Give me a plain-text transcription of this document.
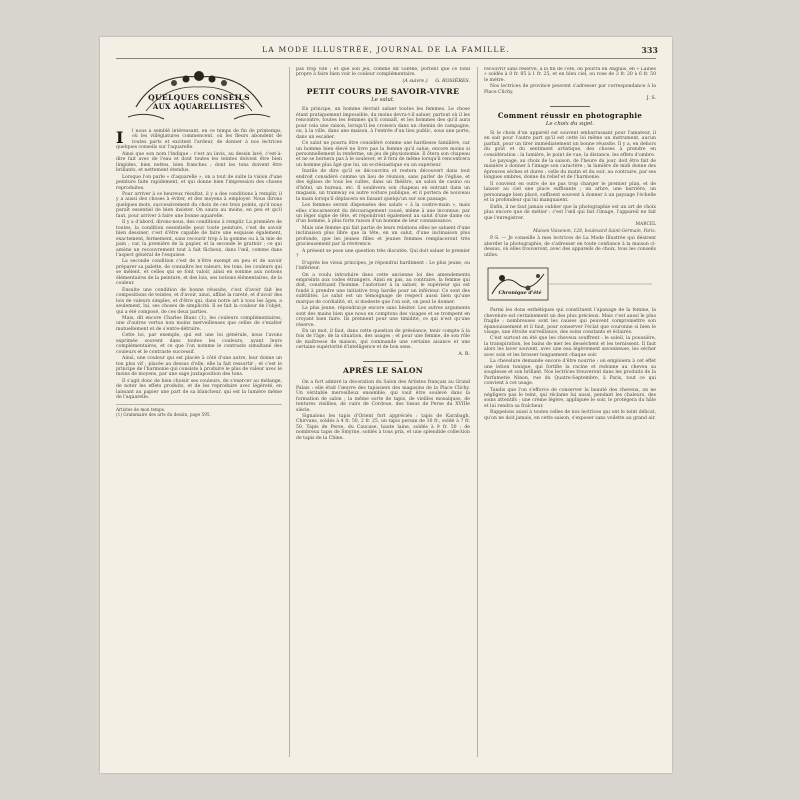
LA MODE ILLUSTRÉE, JOURNAL DE LA FAMILLE.	333
QUELQUES CONSEILS
AUX AQUARELLISTES
I	l nous a semblé intéressant, en ce temps de fin de printemps, où les villégiatures commencent, où les fleurs abondent de toutes parts et excitent l'ardeur, de donner à nos lectrices quelques conseils sur l'aquarelle.

Ainsi que son nom l'indique : c'est au lavis, au dessin lavé, c'est-à-dire fait avec de l'eau et dont toutes les teintes doivent être bien limpides, bien nettes, bien franches ; dont les tons doivent être brillants, et nettement étendus.

Lorsque l'on parle « d'aquarelle », on a tout de suite la vision d'une peinture faite rapidement, et qui donne bien l'impression des choses reproduites.

Pour arriver à ce heureux résultat, il y a des conditions à remplir, il y a aussi des choses à éviter, et des moyens à employer. Nous dirons quelques mots, successivement du choix de ces trois points, qu'il nous paraît essentiel de bien insister. On saura au moins, en peu et qu'il faut, pour arriver à faire une bonne aquarelle.

Il y a d'abord, dirons-nous, des conditions à remplir. La première de toutes, la condition essentielle pour toute peinture, c'est de savoir bien dessiner, c'est d'être capable de faire une esquisse également, exactement, fermement, sans recourir trop à la gomme ou à la mie de pain ; car, la première de la papier, et la seconde le grattoir ; ce qui amène un recouvrement tout à fait fâcheux, dans l'œil, comme dans l'aspect général de l'esquisse.

La seconde condition c'est de n'être exempt en peu et de savoir préparer sa palette, de connaître les valeurs, les tons, les couleurs qui se mêlent, et celles qui se font valoir, ainsi en somme aux notions élémentaires de la peinture, et des lois, ses notions élémentaires, de la couleur.

Ensuite une condition de bonne réussite, c'est d'avoir fait les compositions de teintes, et d'avoir, ainsi, affiné la rareté, et d'avoir des lois de valeurs simples, et d'être qui, dans notre art à tous les âges, a seulement, lui, ses choses de simplicité. Il se fait la couleur de l'objet, qui a été composé, de ces deux parties.

Mais, dit encore Charles Blanc (1), les couleurs complémentaires, une d'autres vertus non moins merveilleuses que celles de s'exalter mutuellement et de s'entre-détruire.

Cette loi, par exemple, qui est une loi générale, nous l'avons exprimée souvent dans toutes les couleurs, ayant leurs complémentaires, et ce que l'on nomme le contraste simultané des couleurs et le contraste successif.

Ainsi, une couleur qui est placée à côté d'une autre, leur donne un ton plus vif ; placée au dessus d'elle, elle la fait ressortir ; et c'est le principe de l'harmonie qui consiste à produire le plus de valeur avec le moins de moyens, par une sage juxtaposition des tons.

Il s'agit donc de bien choisir ses couleurs, de s'exercer au mélange, de noter les effets produits, et de les reproduire avec légèreté, en laissant au papier une part de sa blancheur, qui est la lumière même de l'aquarelle.

Artistes de mon temps.
(1) Grammaire des arts du dessin, page 595.

pas trop vite ; et que son jeu, comme dit Gœthe, portent que ce fond propre à faire bien voir le couleur complémentaire.

(A suivre.) G. ROSIÈRES.
PETIT COURS DE SAVOIR-VIVRE
Le salut.

En principe, un homme devrait saluer toutes les femmes. Le chose étant pratiquement impossible, du moins devra-t-il saluer, partout où il les rencontre, toutes les femmes qu'il connaît, et les hommes des qu'il aura pour cela une raison, lorsqu'il les croisera dans un chemin de campagne, ou, à la ville, dans une maison, à l'entrée d'un lieu public, sous une porte, dans un escalier.

Ce salut ne pourra être considéré comme une hardiesse familière, car un homme bien élevé ne livre pas la femme qu'il salue, encore moins si personnellement la renferme, un jeu de physionomie. Il ôtera son chapeau et ne se bornera pas à le soulever, et il fera de même lorsqu'il rencontrera un homme plus âgé que lui, un ecclésiastique ou un supérieur.

Inutile de dire qu'il se découvrira et restera découvert dans tout endroit considéré comme un lieu de réunion, sans parler de l'église, et des églises de tous les cultes, dans un théâtre, un salon de casino ou d'hôtel, un bureau, etc. Il soulèvera son chapeau en entrant dans un magasin, un tramway ou autre voiture publique, et il portera de nouveau la main lorsqu'il déplacera en faisant quelqu'un sur son passage.

Les femmes seront dispensées des saluts « à la contre-main », mais elles s'incarneront du découragement causé, même à une inconnue, par un léger signe de tête, et répondront également au salut d'une dame ou d'un homme, à plus forte raison d'un homme de leur connaissance.

Mais une femme qui fait partie de leurs relations elles ne saluent d'une inclinaison plus libre que la tête, en un salut, d'une inclinaison plus profonde, que les jeunes filles et jeunes femmes remplaceront très gracieusement par la révérence.

A présent se pose une question très discutée. Qui doit saluer le premier ?

D'après les vieux principes, je répondrai hardiment : Le plus jeune, ou l'inférieur.

On a voulu introduire dans cette ancienne loi des amendements empreints aux codes étrangers. Ainsi en pas, au contraire, la femme qui doit, constituant l'homme, l'autoriser à la saluer, le supérieur qui est fondé à prendre une initiative trop hardie pour un inférieur. Ce sont des subtilités. Le salut est un témoignage de respect aussi bien qu'une marque de cordialité, et, si modeste que l'on soit, on peut le donner.

La plus jeune, répondrai-je encore sans hésiter. Les autres arguments sont des mains bien que nous en comptons des visages et se trompent en croyant bien faire. Ils prennent pour une timidité, ce qui n'est qu'une réserve.

En un mot, il faut, dans cette question de préséance, tenir compte à la fois de l'âge, de la situation, des usages ; et pour une femme, de son rôle de maîtresse de maison, qui commande une certaine aisance et une certaine supériorité d'intelligence et de bon sens.

A. R.
APRÈS LE SALON

On a fort admiré la décoration du Salon des Artistes français au Grand Palais : elle était l'œuvre des tapissiers des magasins de la Place Clichy. Un véritable merveilleux ensemble, qui vaut être soulevé dans la formation de salon ; la même sorte de tapis, de vieilles mosaïques, de tentures vieillies, de cuirs de Cordoue, des tissus de Perse du XVIIIe siècle.

Signalons les tapis d'Orient fort appréciés : tapis de Karabagh, Chirvans, soldés à 4 fr. 50, 2 fr. 25, un tapis persan de 10 fr., soldé à 7 fr. 50, Tapis de Perse, du Caucase, haute laine, soldés à 9 fr. 50 ; de nombreux tapis de Smyrne, soldés à tous prix, et une splendide collection de tapis de la Chine.

recouvrir sans réserve, à la fin de l'été, on pourra en Anglais, en « Laines » soldés à 0 fr. 85 à 1 fr. 25, et en bleu ciel, ou rose de 3 fr. 20 à 6 fr. 50 le mètre.

Nos lectrices de province peuvent s'adresser par correspondance à la Place Clichy.

J. S.
Comment réussir en photographie
Le choix du sujet.

Si le choix d'un appareil est souvent embarrassant pour l'amateur, il en sait pour l'autre part qu'il est cette loi même un instrument, aucun parfait, pour un tirer immédiatement un bonne réussite. Il y a, en dehors du goût et du sentiment artistique, des choses à prendre en considération : la lumière, le point de vue, la distance, les effets d'ombre.

Le paysage, au choix de la saison, de l'heure du jour, doit être fait de manière à donner à l'image son caractère ; la lumière de midi donne des épreuves sèches et dures ; celle du matin et du soir, au contraire, par ses longues ombres, donne du relief et de l'harmonie.

Il convient en outre de ne pas trop charger le premier plan, et de laisser au ciel une place suffisante ; un arbre, une barrière, un personnage bien placé, suffisent souvent à donner à un paysage l'échelle et la profondeur qui lui manquaient.

Enfin, il ne faut jamais oublier que la photographie est un art de choix plus encore que de métier : c'est l'œil qui fait l'image, l'appareil ne fait que l'enregistrer.

MARCEL
Maison Voisenon, 128, boulevard Saint-Germain, Paris.

P.-S. — Je conseille à mes lectrices de La Mode Illustrée qui désirent aborder la photographie, de s'adresser en toute confiance à la maison ci-dessus, où elles trouveront, avec des appareils de choix, tous les conseils utiles.

Chronique d'été

Parmi les dons esthétiques qui constituent l'apanage de la femme, la chevelure est certainement un des plus précieux. Mais c'est aussi le plus fragile : nombreuses sont les causes qui peuvent compromettre son épanouissement et il faut, pour conserver l'éclat que couronne si bien le visage, une étroite surveillance, des soins constants et éclairés.

C'est surtout en été que les cheveux souffrent : le soleil, la poussière, la transpiration, les bains de mer les dessèchent et les ternissent. Il faut alors les laver souvent, avec une eau légèrement savonneuse, les sécher avec soin et les brosser longuement chaque soir.

La chevelure demande encore d'être nourrie : on emploiera à cet effet une lotion tonique, qui fortifie la racine et redonne au cheveu sa souplesse et son brillant. Nos lectrices trouveront dans les produits de la Parfumerie Ninon, rue du Quatre-Septembre, à Paris, tout ce qui convient à cet usage.

Tandis que l'on s'efforce de conserver la beauté des cheveux, on ne négligera pas le teint, qui réclame lui aussi, pendant les chaleurs, des soins attentifs ; une crème légère, appliquée le soir, le protégera du hâle et lui rendra sa fraîcheur.

Rappelons aussi à toutes celles de nos lectrices qui ont le teint délicat, qu'on ne doit jamais, en cette saison, s'exposer sans voilette au grand air.
